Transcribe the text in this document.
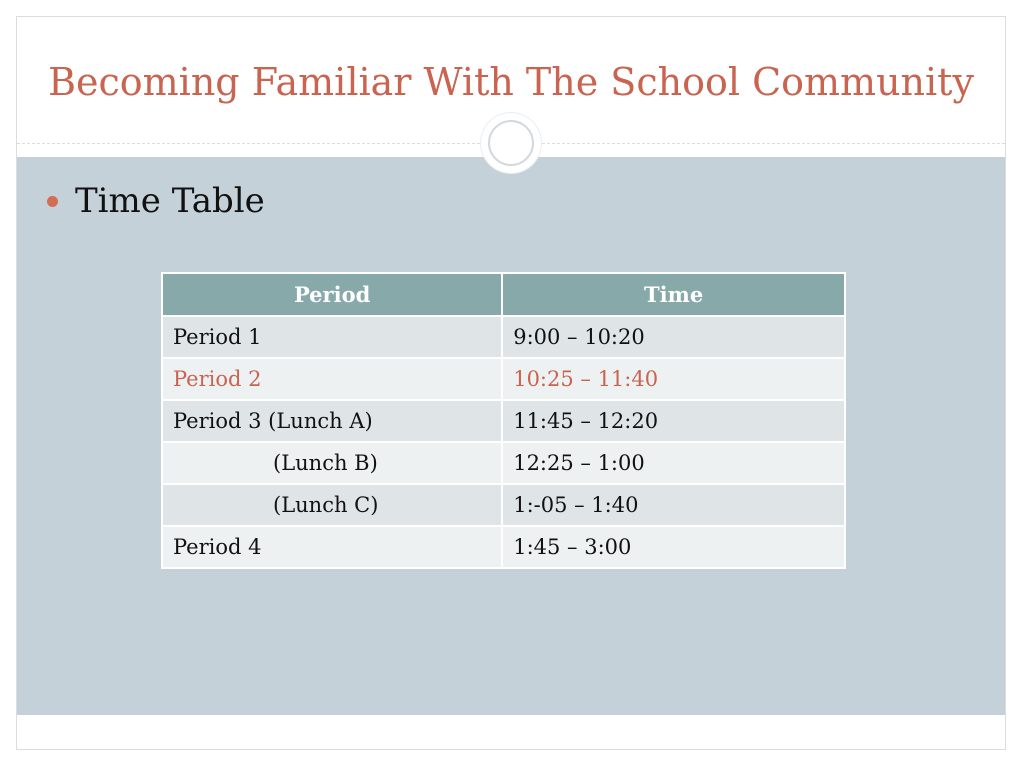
Becoming Familiar With The School Community
Time Table
Period	Time
Period 1	9:00 – 10:20
Period 2	10:25 – 11:40
Period 3 (Lunch A)	11:45 – 12:20
(Lunch B)	12:25 – 1:00
(Lunch C)	1:-05 – 1:40
Period 4	1:45 – 3:00
